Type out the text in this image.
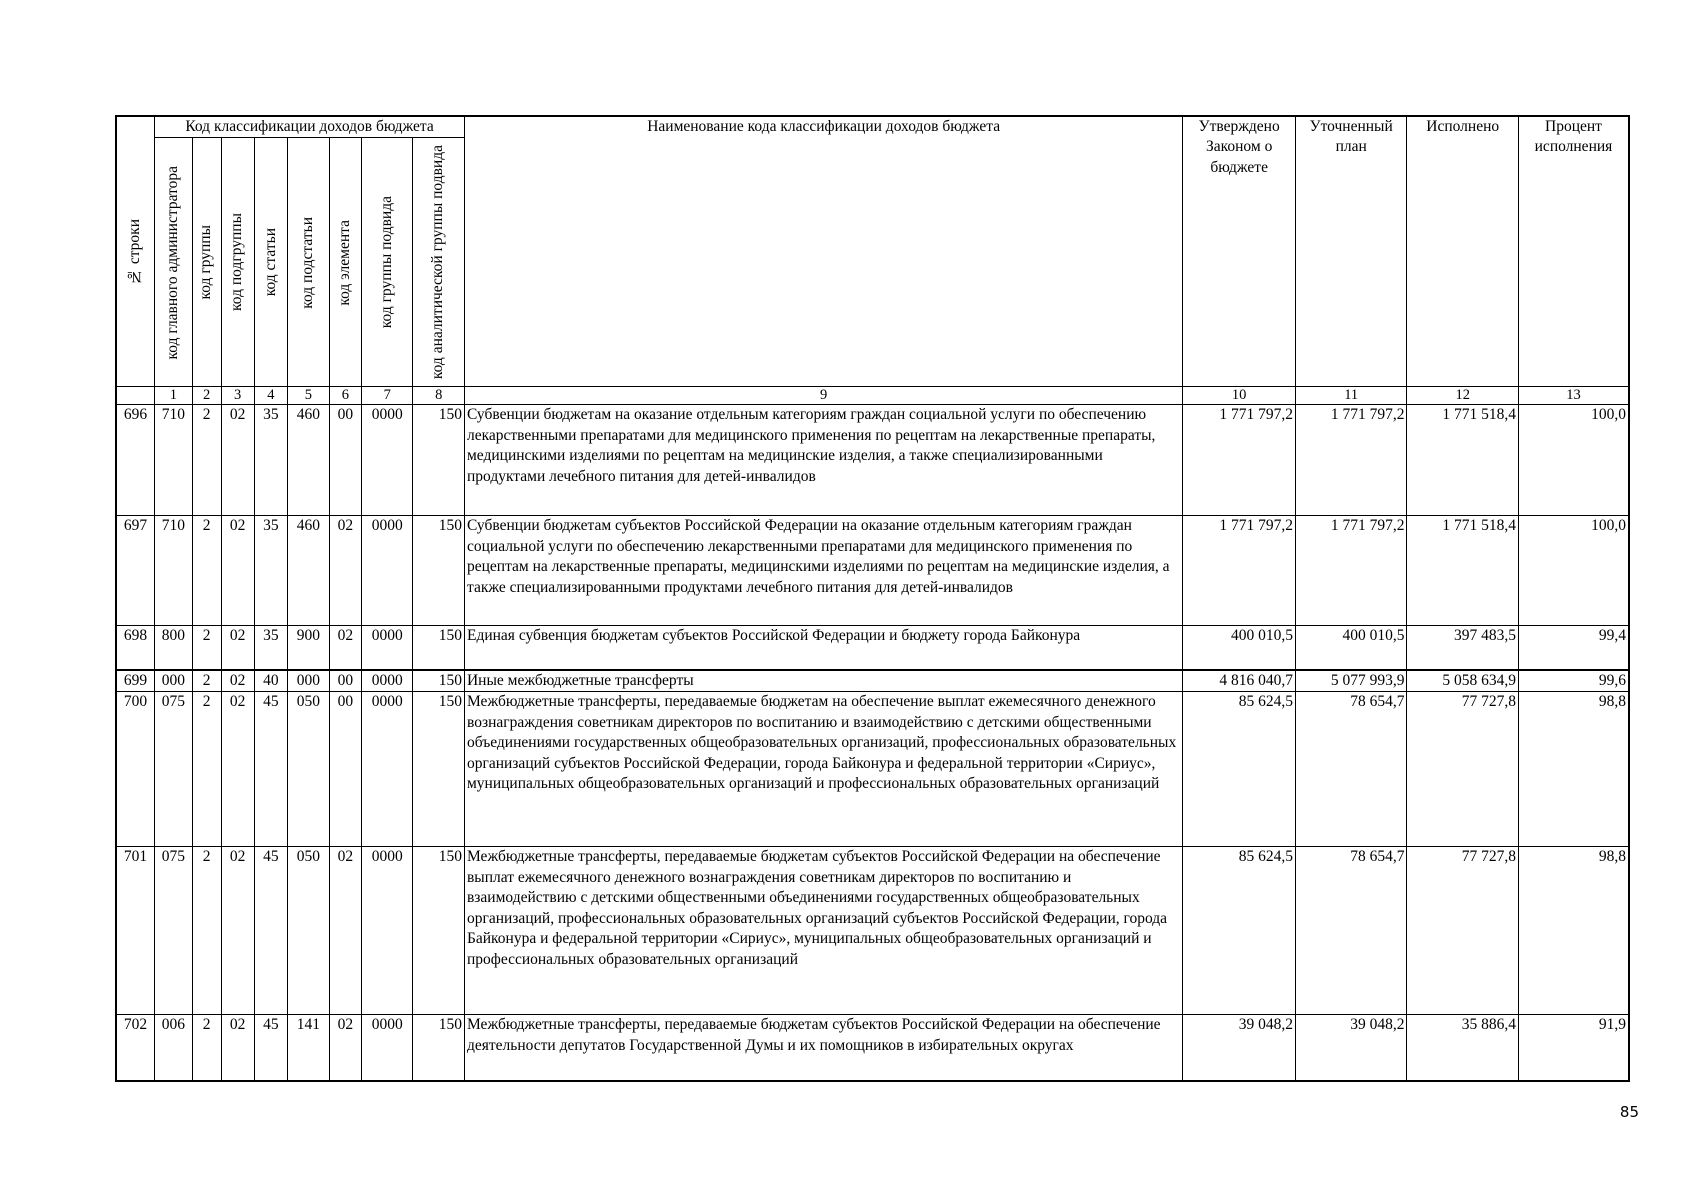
№ строки	Код классификации доходов бюджета								Наименование кода классификации доходов бюджета	Утверждено Законом о бюджете	Уточненный план	Исполнено	Процент исполнения

	код главного администратора	код группы	код подгруппы	код статьи	код подстатьи	код элемента	код группы подвида	код аналитической группы подвида					

	1	2	3	4	5	6	7	8	9	10	11	12	13
696	710	2	02	35	460	00	0000	150	Субвенции бюджетам на оказание отдельным категориям граждан социальной услуги по обеспечению лекарственными препаратами для медицинского применения по рецептам на лекарственные препараты, медицинскими изделиями по рецептам на медицинские изделия, а также специализированными продуктами лечебного питания для детей-инвалидов	1 771 797,2	1 771 797,2	1 771 518,4	100,0
697	710	2	02	35	460	02	0000	150	Субвенции бюджетам субъектов Российской Федерации на оказание отдельным категориям граждан социальной услуги по обеспечению лекарственными препаратами для медицинского применения по рецептам на лекарственные препараты, медицинскими изделиями по рецептам на медицинские изделия, а также специализированными продуктами лечебного питания для детей-инвалидов	1 771 797,2	1 771 797,2	1 771 518,4	100,0
698	800	2	02	35	900	02	0000	150	Единая субвенция бюджетам субъектов Российской Федерации и бюджету города Байконура	400 010,5	400 010,5	397 483,5	99,4
699	000	2	02	40	000	00	0000	150	Иные межбюджетные трансферты	4 816 040,7	5 077 993,9	5 058 634,9	99,6
700	075	2	02	45	050	00	0000	150	Межбюджетные трансферты, передаваемые бюджетам на обеспечение выплат ежемесячного денежного вознаграждения советникам директоров по воспитанию и взаимодействию с детскими общественными объединениями государственных общеобразовательных организаций, профессиональных образовательных организаций субъектов Российской Федерации, города Байконура и федеральной территории «Сириус», муниципальных общеобразовательных организаций и профессиональных образовательных организаций	85 624,5	78 654,7	77 727,8	98,8
701	075	2	02	45	050	02	0000	150	Межбюджетные трансферты, передаваемые бюджетам субъектов Российской Федерации на обеспечение выплат ежемесячного денежного вознаграждения советникам директоров по воспитанию и взаимодействию с детскими общественными объединениями государственных общеобразовательных организаций, профессиональных образовательных организаций субъектов Российской Федерации, города Байконура и федеральной территории «Сириус», муниципальных общеобразовательных организаций и профессиональных образовательных организаций	85 624,5	78 654,7	77 727,8	98,8
702	006	2	02	45	141	02	0000	150	Межбюджетные трансферты, передаваемые бюджетам субъектов Российской Федерации на обеспечение деятельности депутатов Государственной Думы и их помощников в избирательных округах	39 048,2	39 048,2	35 886,4	91,9
85
